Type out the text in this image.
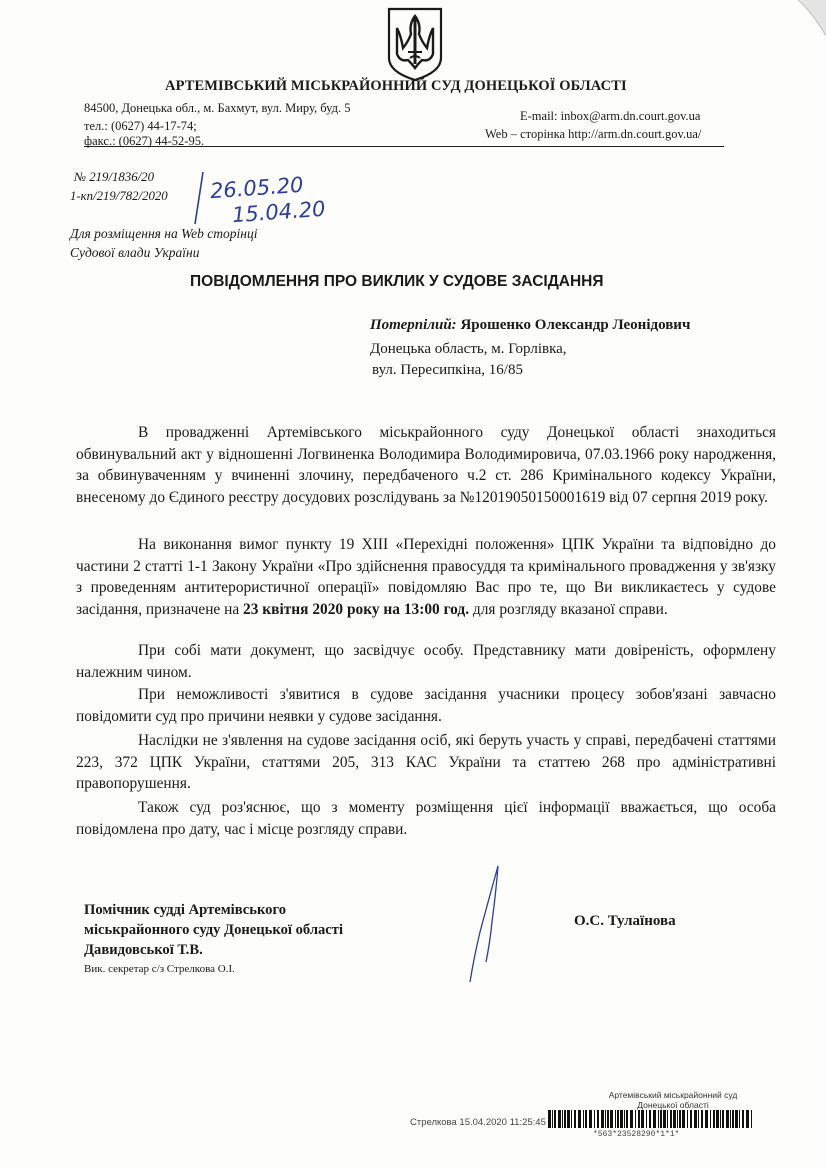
АРТЕМІВСЬКИЙ МІСЬКРАЙОННИЙ СУД ДОНЕЦЬКОЇ ОБЛАСТІ
84500, Донецька обл., м. Бахмут, вул. Миру, буд. 5
тел.: (0627) 44-17-74;
факс.: (0627) 44-52-95.
E-mail: inbox@arm.dn.court.gov.ua
Web – сторінка http://arm.dn.court.gov.ua/
№ 219/1836/20
1-кп/219/782/2020 26.05.20
15.04.20
Для розміщення на Web сторінці
Судової влади України
ПОВІДОМЛЕННЯ ПРО ВИКЛИК У СУДОВЕ ЗАСІДАННЯ
Потерпілий: Ярошенко Олександр Леонідович
Донецька область, м. Горлівка,
вул. Пересипкіна, 16/85

В провадженні Артемівського міськрайонного суду Донецької області знаходиться обвинувальний акт у відношенні Логвиненка Володимира Володимировича, 07.03.1966 року народження, за обвинуваченням у вчиненні злочину, передбаченого ч.2 ст. 286 Кримінального кодексу України, внесеному до Єдиного реєстру досудових розслідувань за №12019050150001619 від 07 серпня 2019 року.

На виконання вимог пункту 19 ХІІІ «Перехідні положення» ЦПК України та відповідно до частини 2 статті 1-1 Закону України «Про здійснення правосуддя та кримінального провадження у зв'язку з проведенням антитерористичної операції» повідомляю Вас про те, що Ви викликаєтесь у судове засідання, призначене на 23 квітня 2020 року на 13:00 год. для розгляду вказаної справи.

При собі мати документ, що засвідчує особу. Представнику мати довіреність, оформлену належним чином.

При неможливості з'явитися в судове засідання учасники процесу зобов'язані завчасно повідомити суд про причини неявки у судове засідання.

Наслідки не з'явлення на судове засідання осіб, які беруть участь у справі, передбачені статтями 223, 372 ЦПК України, статтями 205, 313 КАС України та статтею 268 про адміністративні правопорушення.

Також суд роз'яснює, що з моменту розміщення цієї інформації вважається, що особа повідомлена про дату, час і місце розгляду справи.

Помічник судді Артемівського
міськрайонного суду Донецької області
Давидовської Т.В.
Вик. секретар с/з Стрелкова О.І.
О.С. Тулаїнова
Артемівський міськрайонний суд
Донецької області
Стрелкова 15.04.2020 11:25:45
*563*23528290*1*1*
